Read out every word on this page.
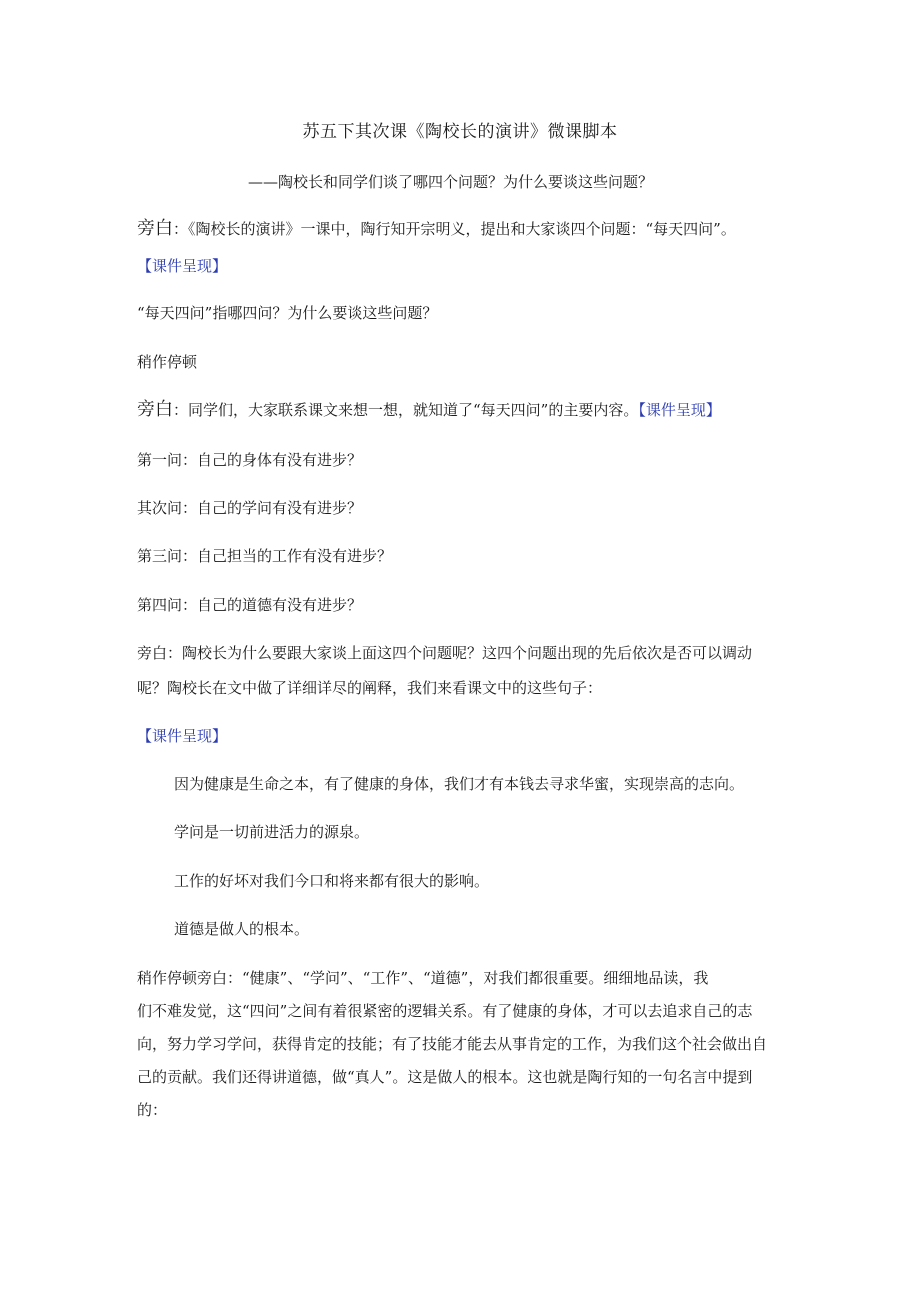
苏五下其次课《陶校长的演讲》微课脚本
——陶校长和同学们谈了哪四个问题？为什么要谈这些问题？
旁白：《陶校长的演讲》一课中，陶行知开宗明义，提出和大家谈四个问题：“每天四问”。
【课件呈现】
“每天四问”指哪四问？为什么要谈这些问题？
稍作停顿
旁白：同学们，大家联系课文来想一想，就知道了“每天四问”的主要内容。【课件呈现】
第一问：自己的身体有没有进步？
其次问：自己的学问有没有进步？
第三问：自己担当的工作有没有进步？
第四问：自己的道德有没有进步？
旁白：陶校长为什么要跟大家谈上面这四个问题呢？这四个问题出现的先后依次是否可以调动
呢？陶校长在文中做了详细详尽的阐释，我们来看课文中的这些句子：
【课件呈现】
因为健康是生命之本，有了健康的身体，我们才有本钱去寻求华蜜，实现崇高的志向。
学问是一切前进活力的源泉。
工作的好坏对我们今口和将来都有很大的影响。
道德是做人的根本。
稍作停顿旁白：“健康”、“学问”、“工作”、“道德”，对我们都很重要。细细地品读，我
们不难发觉，这“四问”之间有着很紧密的逻辑关系。有了健康的身体，才可以去追求自己的志
向，努力学习学问，获得肯定的技能；有了技能才能去从事肯定的工作，为我们这个社会做出自
己的贡献。我们还得讲道德，做“真人”。这是做人的根本。这也就是陶行知的一句名言中提到
的：
